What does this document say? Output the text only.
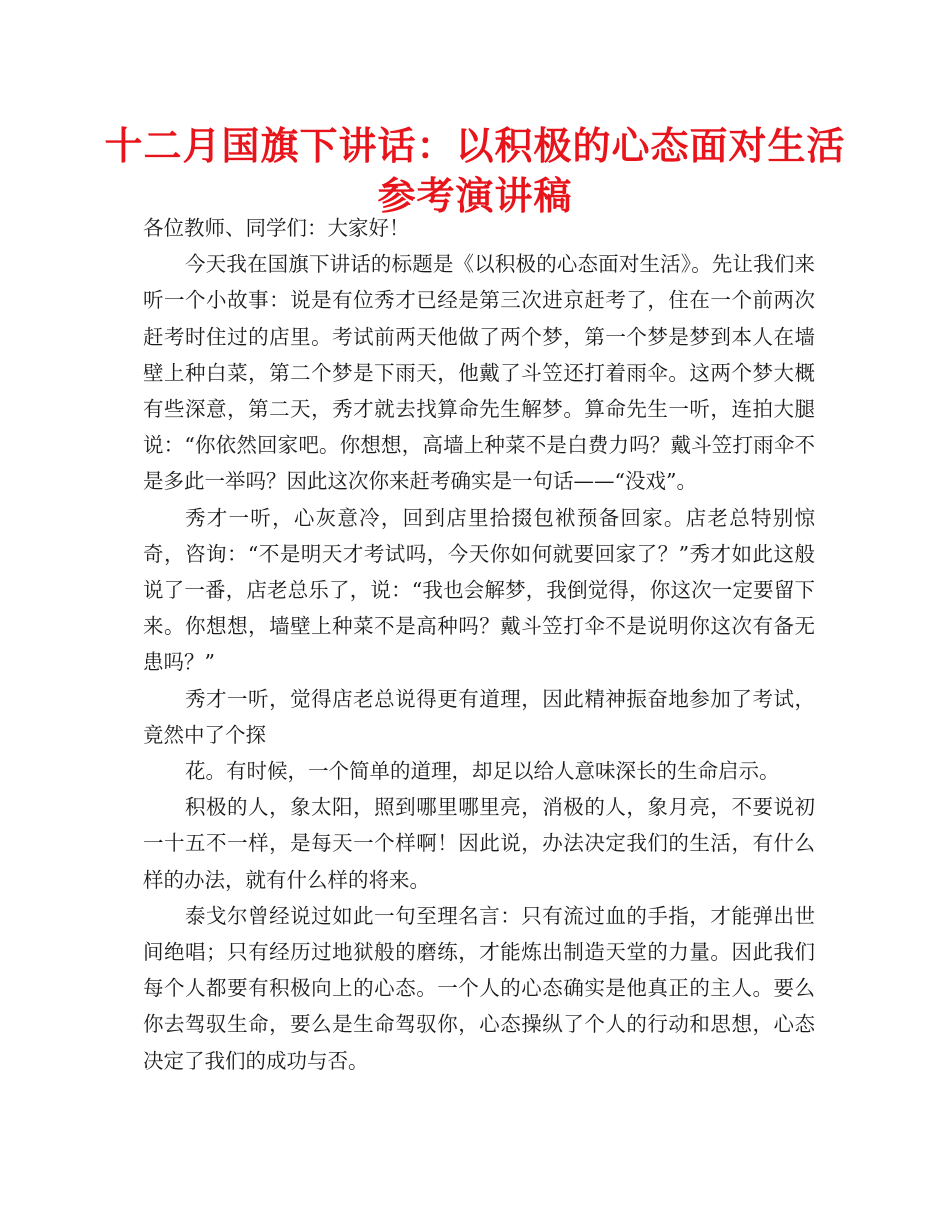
十二月国旗下讲话：以积极的心态面对生活参考演讲稿

各位教师、同学们：大家好！

今天我在国旗下讲话的标题是《以积极的心态面对生活》。先让我们来听一个小故事：说是有位秀才已经是第三次进京赶考了，住在一个前两次赶考时住过的店里。考试前两天他做了两个梦，第一个梦是梦到本人在墙壁上种白菜，第二个梦是下雨天，他戴了斗笠还打着雨伞。这两个梦大概有些深意，第二天，秀才就去找算命先生解梦。算命先生一听，连拍大腿说：“你依然回家吧。你想想，高墙上种菜不是白费力吗？戴斗笠打雨伞不是多此一举吗？因此这次你来赶考确实是一句话——“没戏”。

秀才一听，心灰意冷，回到店里拾掇包袱预备回家。店老总特别惊奇，咨询：“不是明天才考试吗，今天你如何就要回家了？”秀才如此这般说了一番，店老总乐了，说：“我也会解梦，我倒觉得，你这次一定要留下来。你想想，墙壁上种菜不是高种吗？戴斗笠打伞不是说明你这次有备无患吗？”

秀才一听，觉得店老总说得更有道理，因此精神振奋地参加了考试，竟然中了个探

花。有时候，一个简单的道理，却足以给人意味深长的生命启示。

积极的人，象太阳，照到哪里哪里亮，消极的人，象月亮，不要说初一十五不一样，是每天一个样啊！因此说，办法决定我们的生活，有什么样的办法，就有什么样的将来。

泰戈尔曾经说过如此一句至理名言：只有流过血的手指，才能弹出世间绝唱；只有经历过地狱般的磨练，才能炼出制造天堂的力量。因此我们每个人都要有积极向上的心态。一个人的心态确实是他真正的主人。要么你去驾驭生命，要么是生命驾驭你，心态操纵了个人的行动和思想，心态决定了我们的成功与否。
